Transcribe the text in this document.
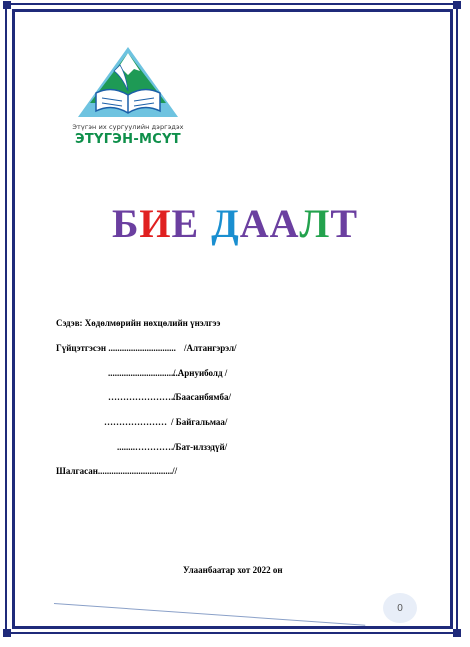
Этүгэн их сургуулийн дэргэдэх
ЭТҮГЭН-МСҮТ
БИЕ ДААЛТ
Сэдэв: Хөдөлмөрийн нөхцөлийн үнэлгээ
Гүйцэтгэсэн .............................. /Алтангэрэл/
................................
/ Арнуиболд /
…………………..
/Баасанбямба/
………………… / Байгальмаа/
........…………. /Бат-илзэдүй/
Шалгасан.................................//
Улаанбаатар хот 2022 он
0
